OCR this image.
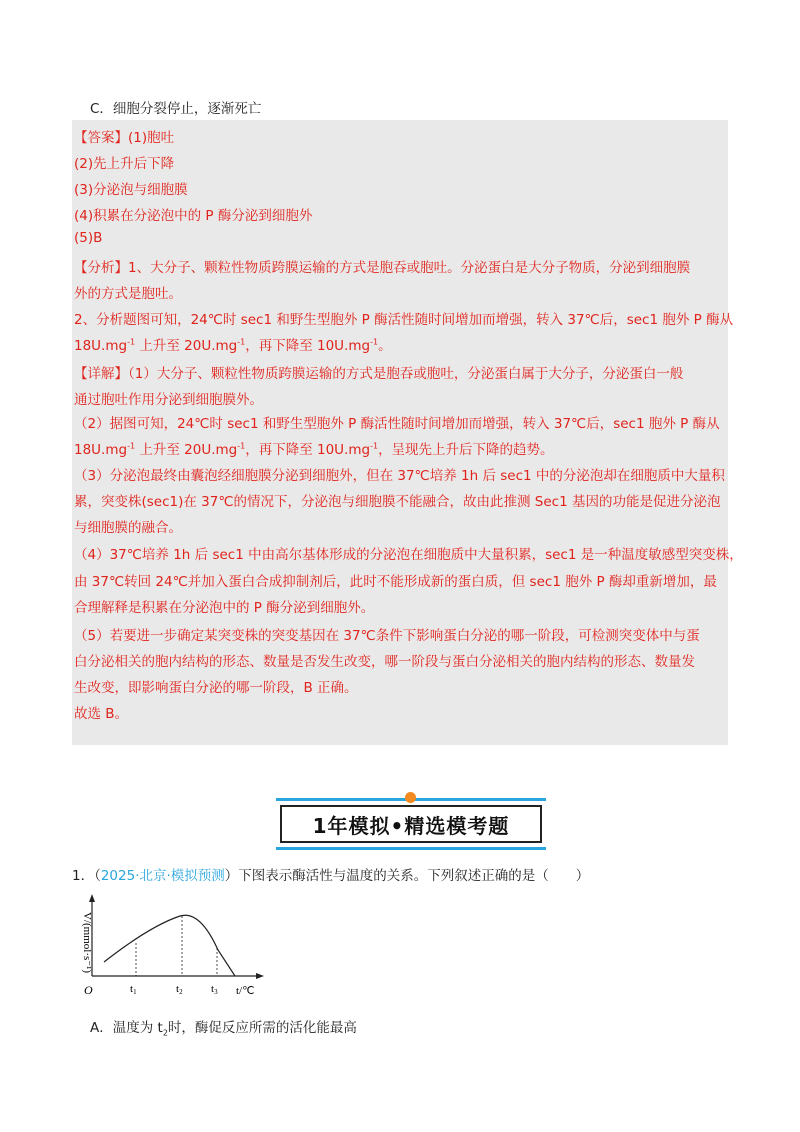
C．细胞分裂停止，逐渐死亡
【答案】(1)胞吐
(2)先上升后下降
(3)分泌泡与细胞膜
(4)积累在分泌泡中的 P 酶分泌到细胞外
(5)B
【分析】1、大分子、颗粒性物质跨膜运输的方式是胞吞或胞吐。分泌蛋白是大分子物质，分泌到细胞膜
外的方式是胞吐。
2、分析题图可知，24℃时 sec1 和野生型胞外 P 酶活性随时间增加而增强，转入 37℃后，sec1 胞外 P 酶从
$18U.mg^{-1}$ 上升至 $20U.mg^{-1}$，再下降至 $10U.mg^{-1}$。
【详解】（1）大分子、颗粒性物质跨膜运输的方式是胞吞或胞吐，分泌蛋白属于大分子，分泌蛋白一般
通过胞吐作用分泌到细胞膜外。
（2）据图可知，24℃时 sec1 和野生型胞外 P 酶活性随时间增加而增强，转入 37℃后，sec1 胞外 P 酶从
$18U.mg^{-1}$ 上升至 $20U.mg^{-1}$，再下降至 $10U.mg^{-1}$，呈现先上升后下降的趋势。
（3）分泌泡最终由囊泡经细胞膜分泌到细胞外，但在 37℃培养 1h 后 sec1 中的分泌泡却在细胞质中大量积
累，突变株(sec1)在 37℃的情况下，分泌泡与细胞膜不能融合，故由此推测 Sec1 基因的功能是促进分泌泡
与细胞膜的融合。
（4）37℃培养 1h 后 sec1 中由高尔基体形成的分泌泡在细胞质中大量积累，sec1 是一种温度敏感型突变株，
由 37℃转回 24℃并加入蛋白合成抑制剂后，此时不能形成新的蛋白质，但 sec1 胞外 P 酶却重新增加，最
合理解释是积累在分泌泡中的 P 酶分泌到细胞外。
（5）若要进一步确定某突变株的突变基因在 37℃条件下影响蛋白分泌的哪一阶段，可检测突变体中与蛋
白分泌相关的胞内结构的形态、数量是否发生改变，哪一阶段与蛋白分泌相关的胞内结构的形态、数量发
生改变，即影响蛋白分泌的哪一阶段，B 正确。
故选 B。
1年模拟•精选模考题
1．（2025·北京·模拟预测）下图表示酶活性与温度的关系。下列叙述正确的是（　　）
V/(mmol·s⁻¹)
O	t1	t2	t3 t/℃
A．温度为 $t_2$时，酶促反应所需的活化能最高
